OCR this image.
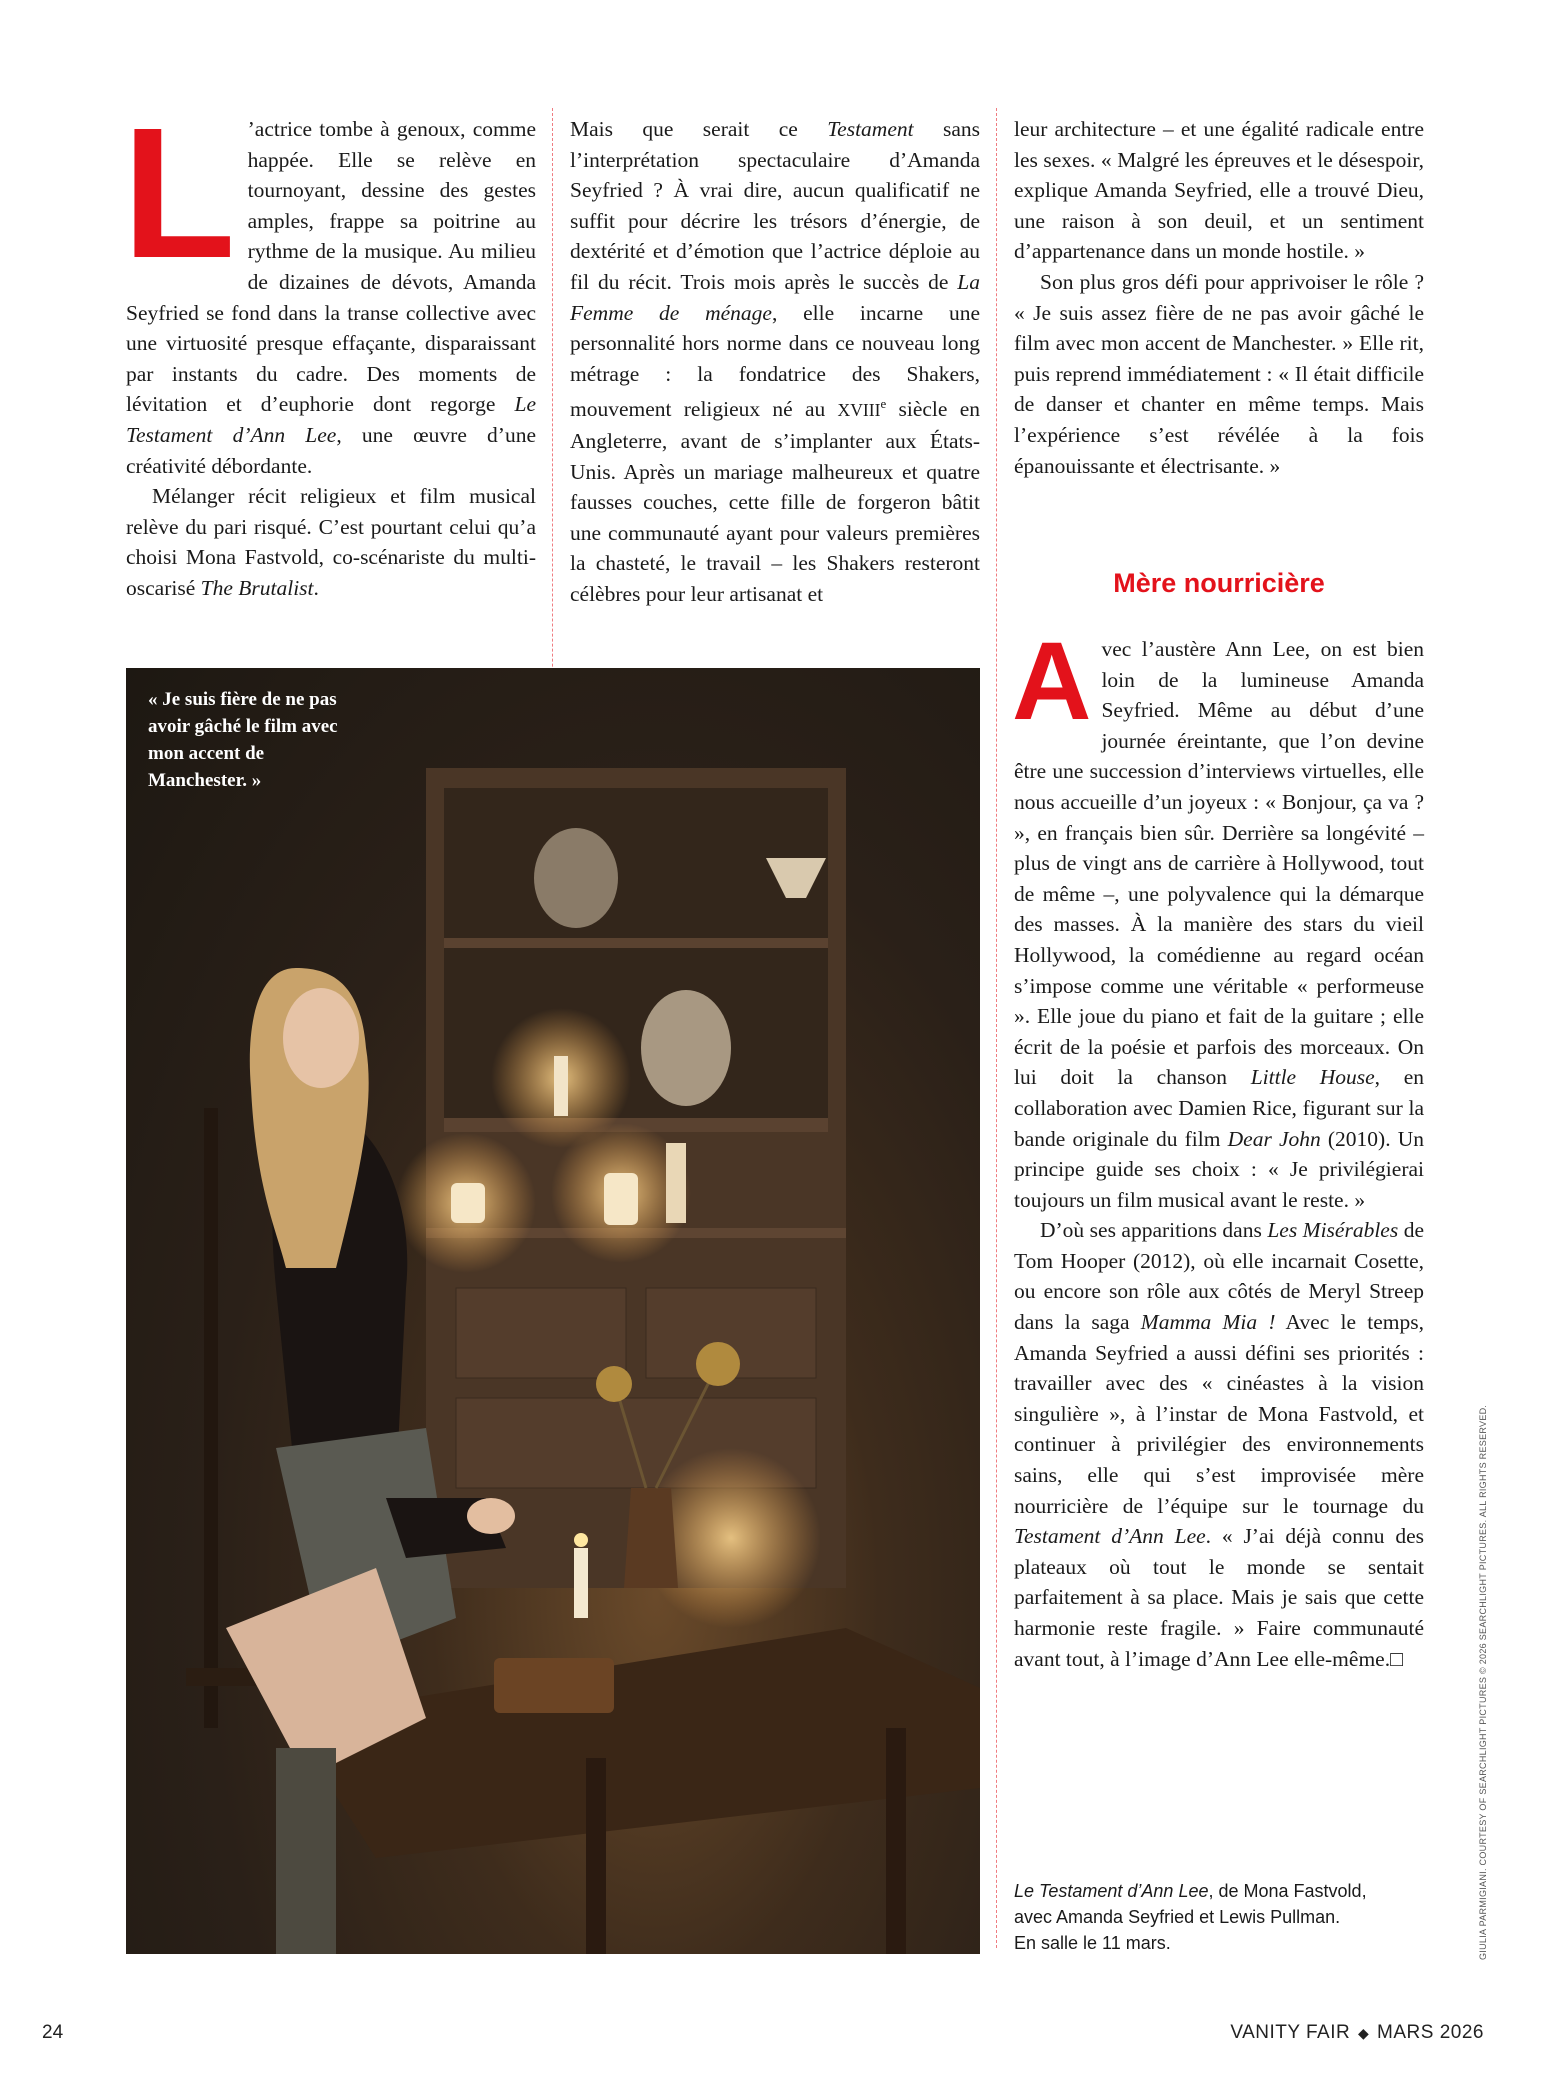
L ’actrice tombe à genoux, comme happée. Elle se relève en tournoyant, dessine des gestes amples, frappe sa poitrine au rythme de la musique. Au milieu de dizaines de dévots, Amanda Seyfried se fond dans la transe collective avec une virtuosité presque effaçante, disparaissant par instants du cadre. Des moments de lévitation et d’euphorie dont regorge Le Testament d’Ann Lee, une œuvre d’une créativité débordante.

Mélanger récit religieux et film musical relève du pari risqué. C’est pourtant celui qu’a choisi Mona Fastvold, co-scénariste du multi-oscarisé The Brutalist.

Mais que serait ce Testament sans l’interprétation spectaculaire d’Amanda Seyfried ? À vrai dire, aucun qualificatif ne suffit pour décrire les trésors d’énergie, de dextérité et d’émotion que l’actrice déploie au fil du récit. Trois mois après le succès de La Femme de ménage, elle incarne une personnalité hors norme dans ce nouveau long métrage : la fondatrice des Shakers, mouvement religieux né au XVIIIe siècle en Angleterre, avant de s’implanter aux États-Unis. Après un mariage malheureux et quatre fausses couches, cette fille de forgeron bâtit une communauté ayant pour valeurs premières la chasteté, le travail – les Shakers resteront célèbres pour leur artisanat et

leur architecture – et une égalité radicale entre les sexes. « Malgré les épreuves et le désespoir, explique Amanda Seyfried, elle a trouvé Dieu, une raison à son deuil, et un sentiment d’appartenance dans un monde hostile. »

Son plus gros défi pour apprivoiser le rôle ? « Je suis assez fière de ne pas avoir gâché le film avec mon accent de Manchester. » Elle rit, puis reprend immédiatement : « Il était difficile de danser et chanter en même temps. Mais l’expérience s’est révélée à la fois épanouissante et électrisante. »

Mère nourricière

Avec l’austère Ann Lee, on est bien loin de la lumineuse Amanda Seyfried. Même au début d’une journée éreintante, que l’on devine être une succession d’interviews virtuelles, elle nous accueille d’un joyeux : « Bonjour, ça va ? », en français bien sûr. Derrière sa longévité – plus de vingt ans de carrière à Hollywood, tout de même –, une polyvalence qui la démarque des masses. À la manière des stars du vieil Hollywood, la comédienne au regard océan s’impose comme une véritable « performeuse ». Elle joue du piano et fait de la guitare ; elle écrit de la poésie et parfois des morceaux. On lui doit la chanson Little House, en collaboration avec Damien Rice, figurant sur la bande originale du film Dear John (2010). Un principe guide ses choix : « Je privilégierai toujours un film musical avant le reste. »

D’où ses apparitions dans Les Misérables de Tom Hooper (2012), où elle incarnait Cosette, ou encore son rôle aux côtés de Meryl Streep dans la saga Mamma Mia ! Avec le temps, Amanda Seyfried a aussi défini ses priorités : travailler avec des « cinéastes à la vision singulière », à l’instar de Mona Fastvold, et continuer à privilégier des environnements sains, elle qui s’est improvisée mère nourricière de l’équipe sur le tournage du Testament d’Ann Lee. « J’ai déjà connu des plateaux où tout le monde se sentait parfaitement à sa place. Mais je sais que cette harmonie reste fragile. » Faire communauté avant tout, à l’image d’Ann Lee elle-même.□

« Je suis fière de ne pas avoir gâché le film avec mon accent de Manchester. »
Le Testament d’Ann Lee, de Mona Fastvold,
avec Amanda Seyfried et Lewis Pullman.
En salle le 11 mars.	GIULIA PARMIGIANI. COURTESY OF SEARCHLIGHT PICTURES © 2026 SEARCHLIGHT PICTURES. ALL RIGHTS RESERVED.
24	VANITY FAIR ◆ MARS 2026
